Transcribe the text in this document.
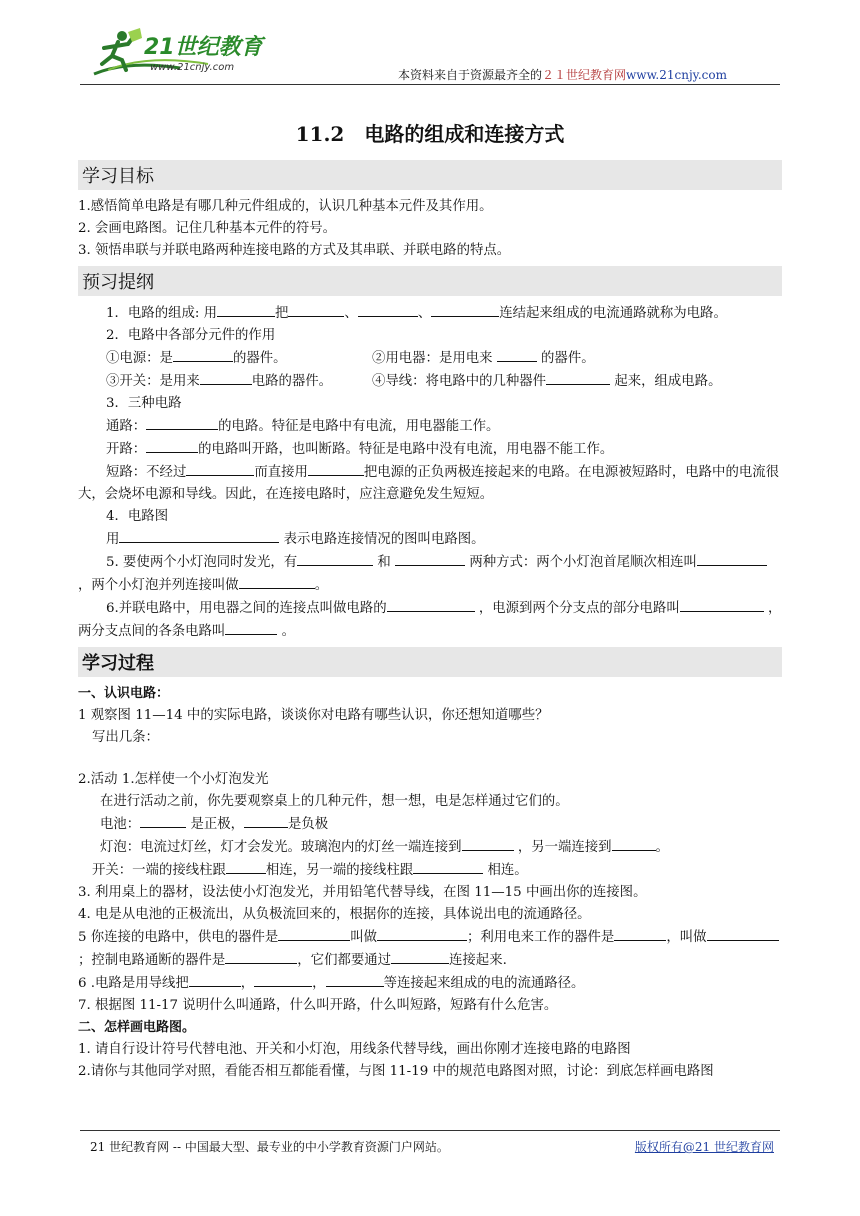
21世纪教育
www.21cnjy.com
本资料来自于资源最齐全的２１世纪教育网www.21cnjy.com
11.2　电路的组成和连接方式
学习目标
1.感悟简单电路是有哪几种元件组成的，认识几种基本元件及其作用。
2. 会画电路图。记住几种基本元件的符号。
3. 领悟串联与并联电路两种连接电路的方式及其串联、并联电路的特点。
预习提纲
1．电路的组成: 用	把	、	、	连结起来组成的电流通路就称为电路。
2．电路中各部分元件的作用
①电源：是	的器件。	②用电器：是用电来	的器件。
③开关：是用来	电路的器件。	④导线：将电路中的几种器件	起来，组成电路。
3．三种电路
通路：	的电路。特征是电路中有电流，用电器能工作。
开路：	的电路叫开路，也叫断路。特征是电路中没有电流，用电器不能工作。
短路：不经过	而直接用	把电源的正负两极连接起来的电路。在电源被短路时，电路中的电流很大，会烧坏电源和导线。因此，在连接电路时，应注意避免发生短短。
4．电路图
用	表示电路连接情况的图叫电路图。
5. 要使两个小灯泡同时发光，有	和	两种方式：两个小灯泡首尾顺次相连叫 ，两个小灯泡并列连接叫做	。
6.并联电路中，用电器之间的连接点叫做电路的	，电源到两个分支点的部分电路叫	，两分支点间的各条电路叫	。
学习过程
一、认识电路：
1 观察图 11—14 中的实际电路，谈谈你对电路有哪些认识，你还想知道哪些？
写出几条：
2.活动 1.怎样使一个小灯泡发光
在进行活动之前，你先要观察桌上的几种元件，想一想，电是怎样通过它们的。
电池：	是正极，	是负极
灯泡：电流过灯丝，灯才会发光。玻璃泡内的灯丝一端连接到	，另一端连接到	。
开关：一端的接线柱跟	相连，另一端的接线柱跟	相连。
3. 利用桌上的器材，设法使小灯泡发光，并用铅笔代替导线，在图 11—15 中画出你的连接图。
4. 电是从电池的正极流出，从负极流回来的，根据你的连接，具体说出电的流通路径。
5 你连接的电路中，供电的器件是	叫做	；利用电来工作的器件是	，叫做；控制电路通断的器件是	，它们都要通过	连接起来.
6 .电路是用导线把	，	，	等连接起来组成的电的流通路径。
7. 根据图 11-17 说明什么叫通路，什么叫开路，什么叫短路，短路有什么危害。
二、怎样画电路图。
1. 请自行设计符号代替电池、开关和小灯泡，用线条代替导线，画出你刚才连接电路的电路图
2.请你与其他同学对照，看能否相互都能看懂，与图 11-19 中的规范电路图对照，讨论：到底怎样画电路图
21 世纪教育网 -- 中国最大型、最专业的中小学教育资源门户网站。	版权所有@21 世纪教育网
